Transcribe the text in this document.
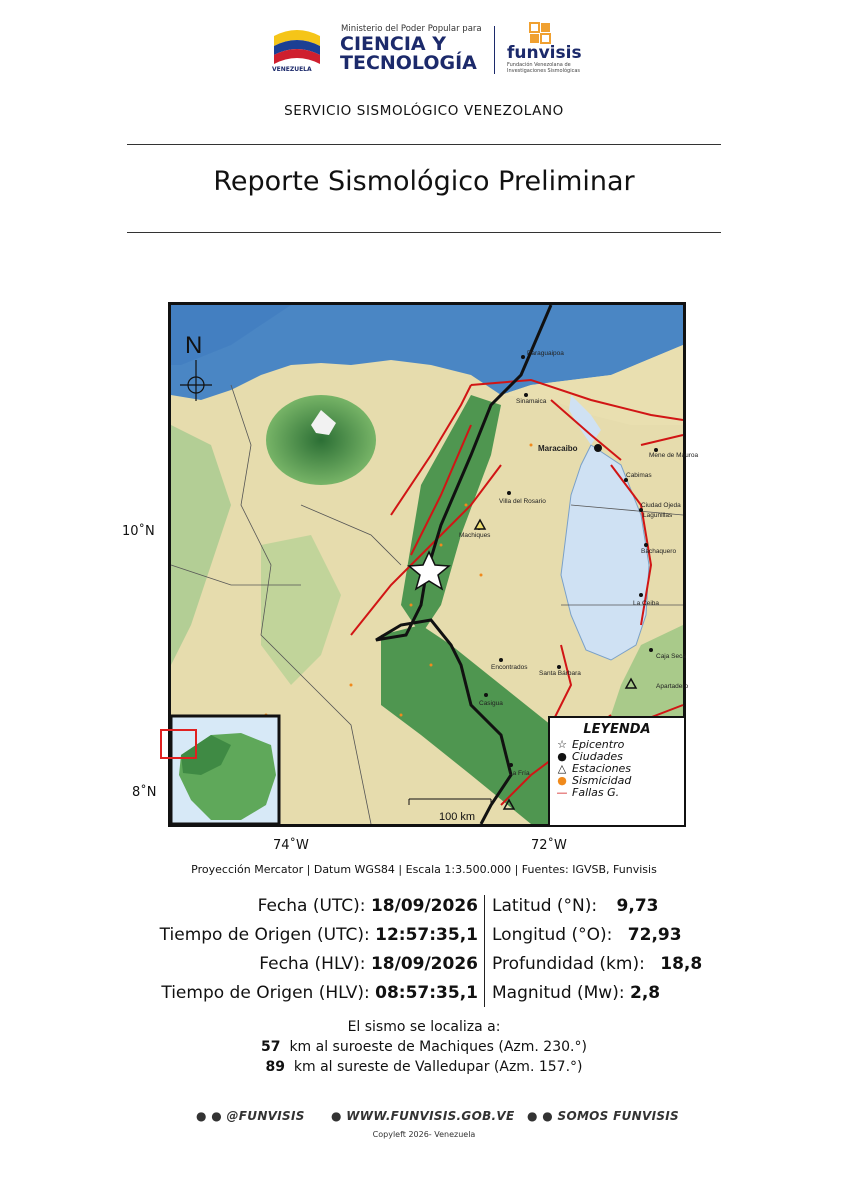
VENEZUELA
Ministerio del Poder Popular para
CIENCIA Y
TECNOLOGÍA funvisis
Fundación Venezolana de Investigaciones Sismológicas
SERVICIO SISMOLÓGICO VENEZOLANO
Reporte Sismológico Preliminar
Paraguaipoa
Sinamaica
Maracaibo
Mene de Mauroa
Cabimas
Ciudad Ojeda
Lagunillas
Villa del Rosario
Machiques
Bachaquero
La Ceiba
Encontrados
Santa Bárbara
Caja Seca
Apartadero
Casigua
La Fría
N
100 km
10˚N
8˚N
74˚W	72˚W
LEYENDA
☆ Epicentro
● Ciudades
△ Estaciones
● Sismicidad
— Fallas G.
Proyección Mercator | Datum WGS84 | Escala 1:3.500.000 | Fuentes: IGVSB, Funvisis
Fecha (UTC): 18/09/2026
Tiempo de Origen (UTC): 12:57:35,1
Fecha (HLV): 18/09/2026
Tiempo de Origen (HLV): 08:57:35,1
Latitud (°N): 9,73
Longitud (°O): 72,93
Profundidad (km): 18,8
Magnitud (Mw): 2,8
El sismo se localiza a:
57 km al suroeste de Machiques (Azm. 230.°)
89 km al sureste de Valledupar (Azm. 157.°)
● ● @FUNVISIS ● WWW.FUNVISIS.GOB.VE ● ● SOMOS FUNVISIS
Copyleft 2026- Venezuela
